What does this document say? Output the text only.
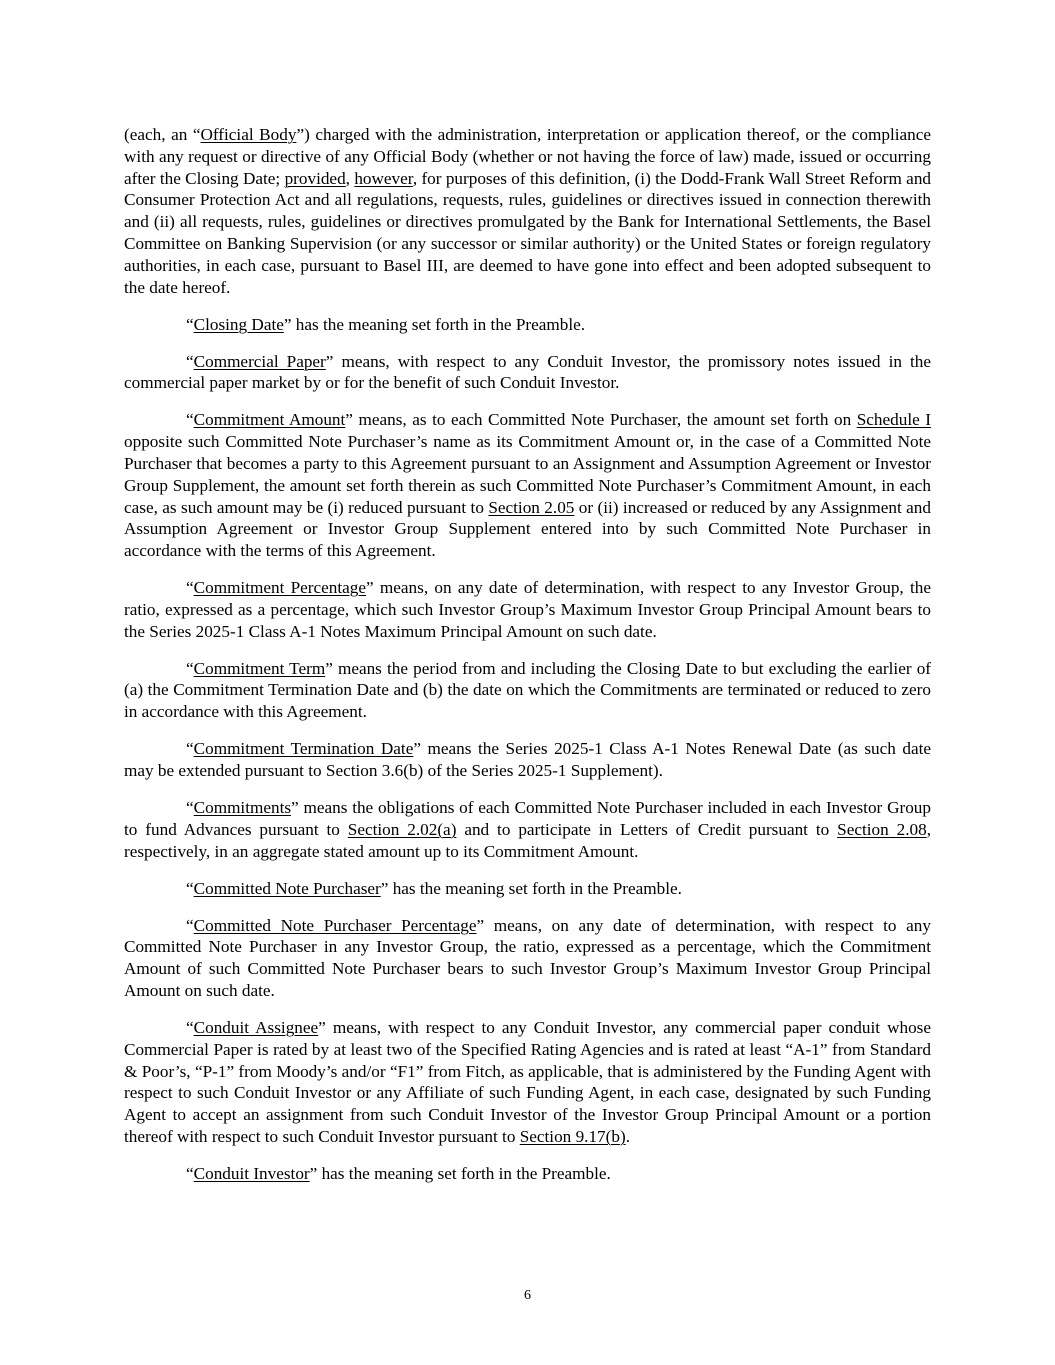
(each, an “Official Body”) charged with the administration, interpretation or application thereof, or the compliance with any request or directive of any Official Body (whether or not having the force of law) made, issued or occurring after the Closing Date; provided, however, for purposes of this definition, (i) the Dodd-Frank Wall Street Reform and Consumer Protection Act and all regulations, requests, rules, guidelines or directives issued in connection therewith and (ii) all requests, rules, guidelines or directives promulgated by the Bank for International Settlements, the Basel Committee on Banking Supervision (or any successor or similar authority) or the United States or foreign regulatory authorities, in each case, pursuant to Basel III, are deemed to have gone into effect and been adopted subsequent to the date hereof.

“Closing Date” has the meaning set forth in the Preamble.

“Commercial Paper” means, with respect to any Conduit Investor, the promissory notes issued in the commercial paper market by or for the benefit of such Conduit Investor.

“Commitment Amount” means, as to each Committed Note Purchaser, the amount set forth on Schedule I opposite such Committed Note Purchaser’s name as its Commitment Amount or, in the case of a Committed Note Purchaser that becomes a party to this Agreement pursuant to an Assignment and Assumption Agreement or Investor Group Supplement, the amount set forth therein as such Committed Note Purchaser’s Commitment Amount, in each case, as such amount may be (i) reduced pursuant to Section 2.05 or (ii) increased or reduced by any Assignment and Assumption Agreement or Investor Group Supplement entered into by such Committed Note Purchaser in accordance with the terms of this Agreement.

“Commitment Percentage” means, on any date of determination, with respect to any Investor Group, the ratio, expressed as a percentage, which such Investor Group’s Maximum Investor Group Principal Amount bears to the Series 2025-1 Class A-1 Notes Maximum Principal Amount on such date.

“Commitment Term” means the period from and including the Closing Date to but excluding the earlier of (a) the Commitment Termination Date and (b) the date on which the Commitments are terminated or reduced to zero in accordance with this Agreement.

“Commitment Termination Date” means the Series 2025-1 Class A-1 Notes Renewal Date (as such date may be extended pursuant to Section 3.6(b) of the Series 2025-1 Supplement).

“Commitments” means the obligations of each Committed Note Purchaser included in each Investor Group to fund Advances pursuant to Section 2.02(a) and to participate in Letters of Credit pursuant to Section 2.08, respectively, in an aggregate stated amount up to its Commitment Amount.

“Committed Note Purchaser” has the meaning set forth in the Preamble.

“Committed Note Purchaser Percentage” means, on any date of determination, with respect to any Committed Note Purchaser in any Investor Group, the ratio, expressed as a percentage, which the Commitment Amount of such Committed Note Purchaser bears to such Investor Group’s Maximum Investor Group Principal Amount on such date.

“Conduit Assignee” means, with respect to any Conduit Investor, any commercial paper conduit whose Commercial Paper is rated by at least two of the Specified Rating Agencies and is rated at least “A-1” from Standard & Poor’s, “P-1” from Moody’s and/or “F1” from Fitch, as applicable, that is administered by the Funding Agent with respect to such Conduit Investor or any Affiliate of such Funding Agent, in each case, designated by such Funding Agent to accept an assignment from such Conduit Investor of the Investor Group Principal Amount or a portion thereof with respect to such Conduit Investor pursuant to Section 9.17(b).

“Conduit Investor” has the meaning set forth in the Preamble.

6
